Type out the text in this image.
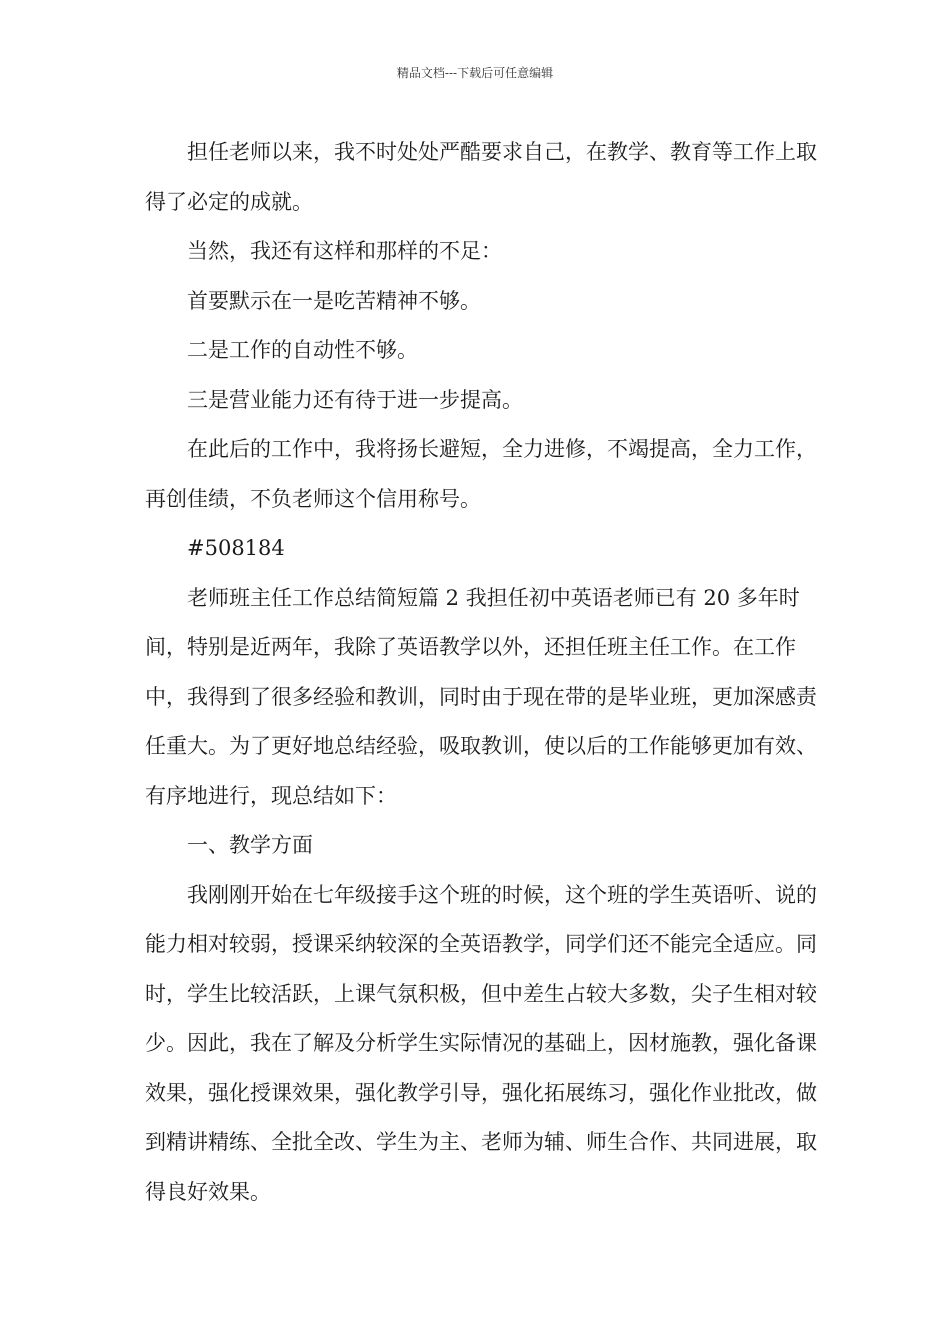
精品文档---下载后可任意编辑

担任老师以来，我不时处处严酷要求自己，在教学、教育等工作上取得了必定的成就。

当然，我还有这样和那样的不足：

首要默示在一是吃苦精神不够。

二是工作的自动性不够。

三是营业能力还有待于进一步提高。

在此后的工作中，我将扬长避短，全力进修，不竭提高，全力工作，再创佳绩，不负老师这个信用称号。

#508184

老师班主任工作总结简短篇 2 我担任初中英语老师已有 20 多年时间，特别是近两年，我除了英语教学以外，还担任班主任工作。在工作中，我得到了很多经验和教训，同时由于现在带的是毕业班，更加深感责任重大。为了更好地总结经验，吸取教训，使以后的工作能够更加有效、有序地进行，现总结如下：

一、教学方面

我刚刚开始在七年级接手这个班的时候，这个班的学生英语听、说的能力相对较弱，授课采纳较深的全英语教学，同学们还不能完全适应。同时，学生比较活跃，上课气氛积极，但中差生占较大多数，尖子生相对较少。因此，我在了解及分析学生实际情况的基础上，因材施教，强化备课效果，强化授课效果，强化教学引导，强化拓展练习，强化作业批改，做到精讲精练、全批全改、学生为主、老师为辅、师生合作、共同进展，取得良好效果。
